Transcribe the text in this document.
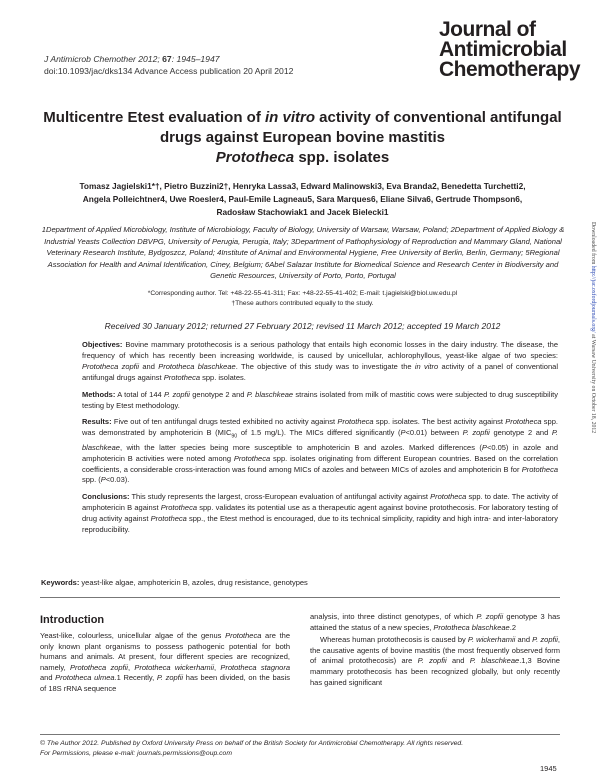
J Antimicrob Chemother 2012; 67: 1945–1947
doi:10.1093/jac/dks134 Advance Access publication 20 April 2012
Journal of
Antimicrobial
Chemotherapy
Multicentre Etest evaluation of in vitro activity of conventional antifungal drugs against European bovine mastitis
Prototheca spp. isolates
Tomasz Jagielski1*†, Pietro Buzzini2†, Henryka Lassa3, Edward Malinowski3, Eva Branda2, Benedetta Turchetti2,
Angela Polleichtner4, Uwe Roesler4, Paul-Emile Lagneau5, Sara Marques6, Eliane Silva6, Gertrude Thompson6,
Radosław Stachowiak1 and Jacek Bielecki1
1Department of Applied Microbiology, Institute of Microbiology, Faculty of Biology, University of Warsaw, Warsaw, Poland; 2Department of Applied Biology & Industrial Yeasts Collection DBVPG, University of Perugia, Perugia, Italy; 3Department of Pathophysiology of Reproduction and Mammary Gland, National Veterinary Research Institute, Bydgoszcz, Poland; 4Institute of Animal and Environmental Hygiene, Free University of Berlin, Berlin, Germany; 5Regional Association for Health and Animal Identification, Ciney, Belgium; 6Abel Salazar Institute for Biomedical Science and Research Center in Biodiversity and Genetic Resources, University of Porto, Porto, Portugal
*Corresponding author. Tel: +48-22-55-41-311; Fax: +48-22-55-41-402; E-mail: t.jagielski@biol.uw.edu.pl
†These authors contributed equally to the study.
Received 30 January 2012; returned 27 February 2012; revised 11 March 2012; accepted 19 March 2012

Objectives: Bovine mammary protothecosis is a serious pathology that entails high economic losses in the dairy industry. The disease, the frequency of which has recently been increasing worldwide, is caused by unicellular, achlorophyllous, yeast-like algae of two species: Prototheca zopfii and Prototheca blaschkeae. The objective of this study was to investigate the in vitro activity of a panel of conventional antifungal drugs against Prototheca spp. isolates.

Methods: A total of 144 P. zopfii genotype 2 and P. blaschkeae strains isolated from milk of mastitic cows were subjected to drug susceptibility testing by Etest methodology.

Results: Five out of ten antifungal drugs tested exhibited no activity against Prototheca spp. isolates. The best activity against Prototheca spp. was demonstrated by amphotericin B ($MIC_{90}$ of 1.5 mg/L). The MICs differed significantly (P<0.01) between P. zopfii genotype 2 and P. blaschkeae, with the latter species being more susceptible to amphotericin B and azoles. Marked differences (P<0.05) in azole and amphotericin B activities were noted among Prototheca spp. isolates originating from different European countries. Based on the correlation coefficients, a considerable cross-interaction was found among MICs of azoles and between MICs of azoles and amphotericin B for Prototheca spp. (P<0.03).

Conclusions: This study represents the largest, cross-European evaluation of antifungal activity against Prototheca spp. to date. The activity of amphotericin B against Prototheca spp. validates its potential use as a therapeutic agent against bovine protothecosis. For laboratory testing of drug activity against Prototheca spp., the Etest method is encouraged, due to its technical simplicity, rapidity and high intra- and inter-laboratory reproducibility.

Keywords: yeast-like algae, amphotericin B, azoles, drug resistance, genotypes
Introduction

Yeast-like, colourless, unicellular algae of the genus Prototheca are the only known plant organisms to possess pathogenic potential for both humans and animals. At present, four different species are recognized, namely, Prototheca zopfii, Prototheca wickerhamii, Prototheca stagnora and Prototheca ulmea.1 Recently, P. zopfii has been divided, on the basis of 18S rRNA sequence

analysis, into three distinct genotypes, of which P. zopfii genotype 3 has attained the status of a new species, Prototheca blaschkeae.2

Whereas human protothecosis is caused by P. wickerhamii and P. zopfii, the causative agents of bovine mastitis (the most frequently observed form of animal protothecosis) are P. zopfii and P. blaschkeae.1,3 Bovine mammary protothecosis has been recognized globally, but only recently has gained significant

© The Author 2012. Published by Oxford University Press on behalf of the British Society for Antimicrobial Chemotherapy. All rights reserved.
For Permissions, please e-mail: journals.permissions@oup.com
1945
Downloaded from http://jac.oxfordjournals.org/ at Warsaw University on October 18, 2012
